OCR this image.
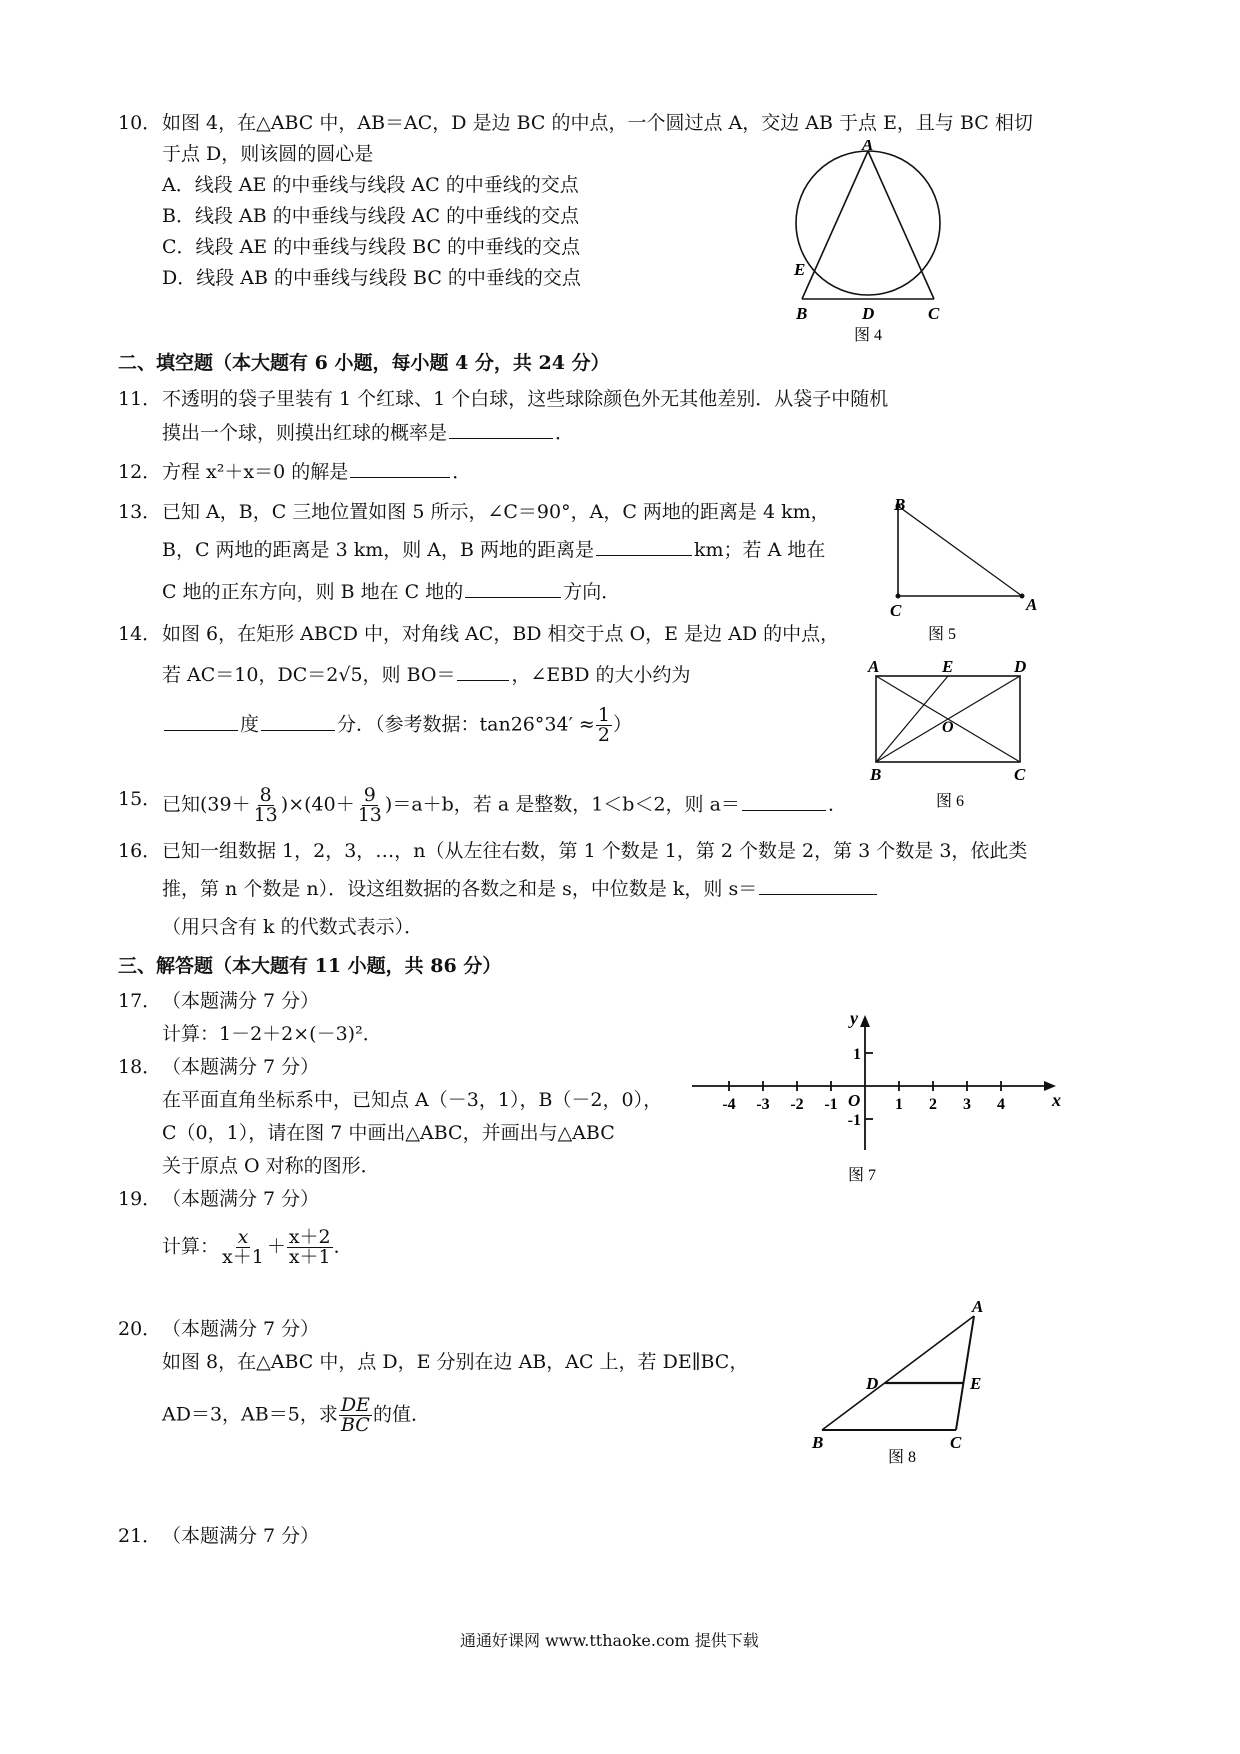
10． 如图 4，在△ABC 中，AB＝AC，D 是边 BC 的中点，一个圆过点 A，交边 AB 于点 E，且与 BC 相切
于点 D，则该圆的圆心是
A．线段 AE 的中垂线与线段 AC 的中垂线的交点
B．线段 AB 的中垂线与线段 AC 的中垂线的交点
C．线段 AE 的中垂线与线段 BC 的中垂线的交点
D．线段 AB 的中垂线与线段 BC 的中垂线的交点
A
E
B	D	C
图 4
二、填空题（本大题有 6 小题，每小题 4 分，共 24 分）
11． 不透明的袋子里装有 1 个红球、1 个白球，这些球除颜色外无其他差别．从袋子中随机
摸出一个球，则摸出红球的概率是	．
12． 方程 x²＋x＝0 的解是	．
13． 已知 A，B，C 三地位置如图 5 所示，∠C＝90°，A，C 两地的距离是 4 km，
B，C 两地的距离是 3 km，则 A，B 两地的距离是	km；若 A 地在
C 地的正东方向，则 B 地在 C 地的	方向．
B
C	A
图 5
14． 如图 6，在矩形 ABCD 中，对角线 AC，BD 相交于点 O，E 是边 AD 的中点，
若 AC＝10，DC＝2√5，则 BO＝	，∠EBD 的大小约为
度	分．（参考数据：$\tan 26^\circ 34' \approx \frac{1}{2}$ ）
A	E	D
O
B	C
图 6
15． 已知$(39+ \frac{8}{13} )\times(40+ \frac{9}{13} )=a+b$，若 a 是整数，1＜b＜2，则 a＝	．
16． 已知一组数据 1，2，3，…，n（从左往右数，第 1 个数是 1，第 2 个数是 2，第 3 个数是 3，依此类
推，第 n 个数是 n）．设这组数据的各数之和是 s，中位数是 k，则 s＝
（用只含有 k 的代数式表示）．
三、解答题（本大题有 11 小题，共 86 分）
17． （本题满分 7 分）
计算：1－2＋2×(－3)²．
18． （本题满分 7 分）
在平面直角坐标系中，已知点 A（－3，1），B（－2，0），
C（0，1），请在图 7 中画出△ABC，并画出与△ABC
关于原点 O 对称的图形．
-4 -3 -2 -1	1 2 3 4
1
-1
x
y
O
图 7
19． （本题满分 7 分）
计算： $\frac{x}{x+1} + \frac{x+2}{x+1}$ ．
20． （本题满分 7 分）
如图 8，在△ABC 中，点 D，E 分别在边 AB，AC 上，若 DE∥BC，
AD＝3，AB＝5，求 $\frac{DE}{BC}$ 的值．
A
D	E
B	C
图 8
21． （本题满分 7 分）
通通好课网 www.tthaoke.com 提供下载
